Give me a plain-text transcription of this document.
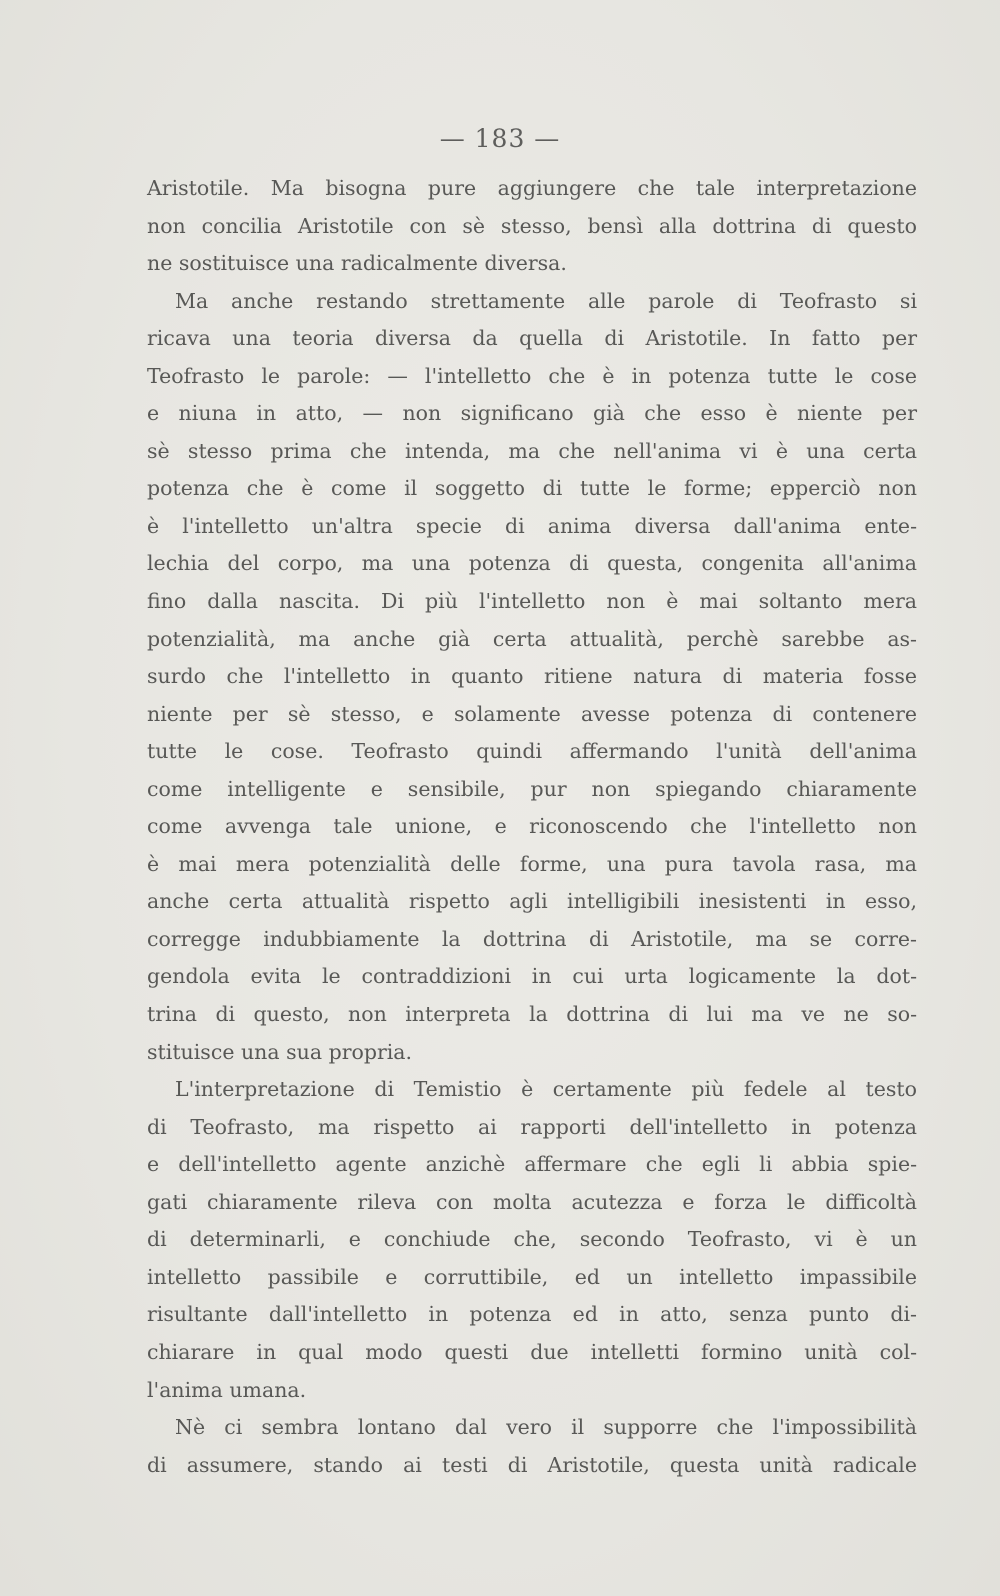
— 183 —
Aristotile. Ma bisogna pure aggiungere che tale interpretazione
non concilia Aristotile con sè stesso, bensì alla dottrina di questo
ne sostituisce una radicalmente diversa.
Ma anche restando strettamente alle parole di Teofrasto si
ricava una teoria diversa da quella di Aristotile. In fatto per
Teofrasto le parole: — l'intelletto che è in potenza tutte le cose
e niuna in atto, — non significano già che esso è niente per
sè stesso prima che intenda, ma che nell'anima vi è una certa
potenza che è come il soggetto di tutte le forme; epperciò non
è l'intelletto un'altra specie di anima diversa dall'anima ente-
lechia del corpo, ma una potenza di questa, congenita all'anima
fino dalla nascita. Di più l'intelletto non è mai soltanto mera
potenzialità, ma anche già certa attualità, perchè sarebbe as-
surdo che l'intelletto in quanto ritiene natura di materia fosse
niente per sè stesso, e solamente avesse potenza di contenere
tutte le cose. Teofrasto quindi affermando l'unità dell'anima
come intelligente e sensibile, pur non spiegando chiaramente
come avvenga tale unione, e riconoscendo che l'intelletto non
è mai mera potenzialità delle forme, una pura tavola rasa, ma
anche certa attualità rispetto agli intelligibili inesistenti in esso,
corregge indubbiamente la dottrina di Aristotile, ma se corre-
gendola evita le contraddizioni in cui urta logicamente la dot-
trina di questo, non interpreta la dottrina di lui ma ve ne so-
stituisce una sua propria.
L'interpretazione di Temistio è certamente più fedele al testo
di Teofrasto, ma rispetto ai rapporti dell'intelletto in potenza
e dell'intelletto agente anzichè affermare che egli li abbia spie-
gati chiaramente rileva con molta acutezza e forza le difficoltà
di determinarli, e conchiude che, secondo Teofrasto, vi è un
intelletto passibile e corruttibile, ed un intelletto impassibile
risultante dall'intelletto in potenza ed in atto, senza punto di-
chiarare in qual modo questi due intelletti formino unità col-
l'anima umana.
Nè ci sembra lontano dal vero il supporre che l'impossibilità
di assumere, stando ai testi di Aristotile, questa unità radicale
